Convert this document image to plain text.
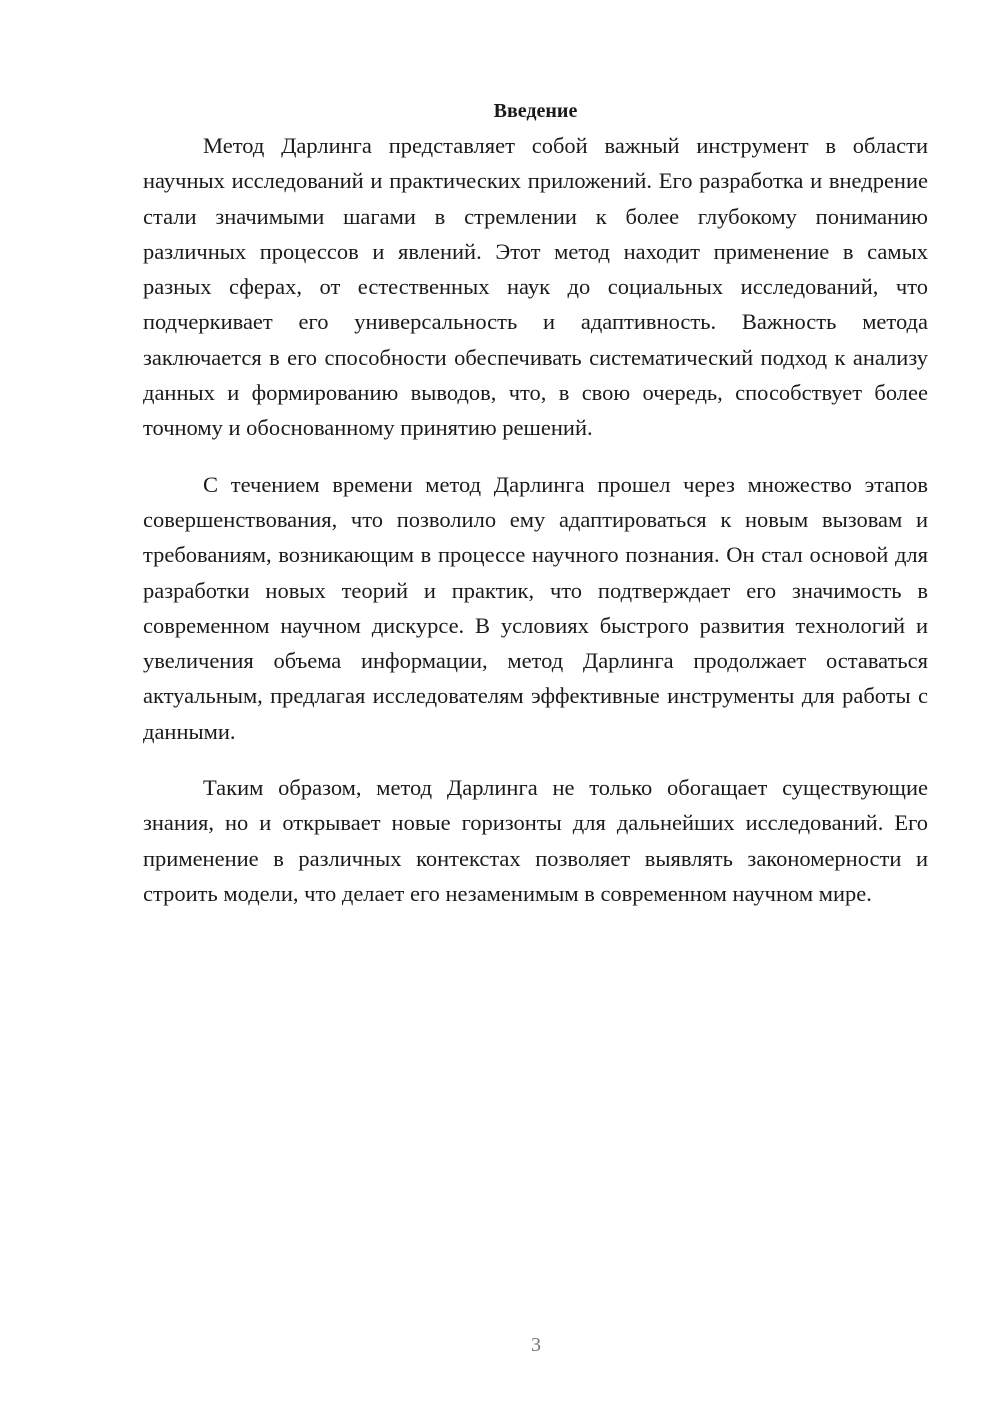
Введение

Метод Дарлинга представляет собой важный инструмент в области научных исследований и практических приложений. Его разработка и внедрение стали значимыми шагами в стремлении к более глубокому пониманию различных процессов и явлений. Этот метод находит применение в самых разных сферах, от естественных наук до социальных исследований, что подчеркивает его универсальность и адаптивность. Важность метода заключается в его способности обеспечивать систематический подход к анализу данных и формированию выводов, что, в свою очередь, способствует более точному и обоснованному принятию решений.

С течением времени метод Дарлинга прошел через множество этапов совершенствования, что позволило ему адаптироваться к новым вызовам и требованиям, возникающим в процессе научного познания. Он стал основой для разработки новых теорий и практик, что подтверждает его значимость в современном научном дискурсе. В условиях быстрого развития технологий и увеличения объема информации, метод Дарлинга продолжает оставаться актуальным, предлагая исследователям эффективные инструменты для работы с данными.

Таким образом, метод Дарлинга не только обогащает существующие знания, но и открывает новые горизонты для дальнейших исследований. Его применение в различных контекстах позволяет выявлять закономерности и строить модели, что делает его незаменимым в современном научном мире.

3
